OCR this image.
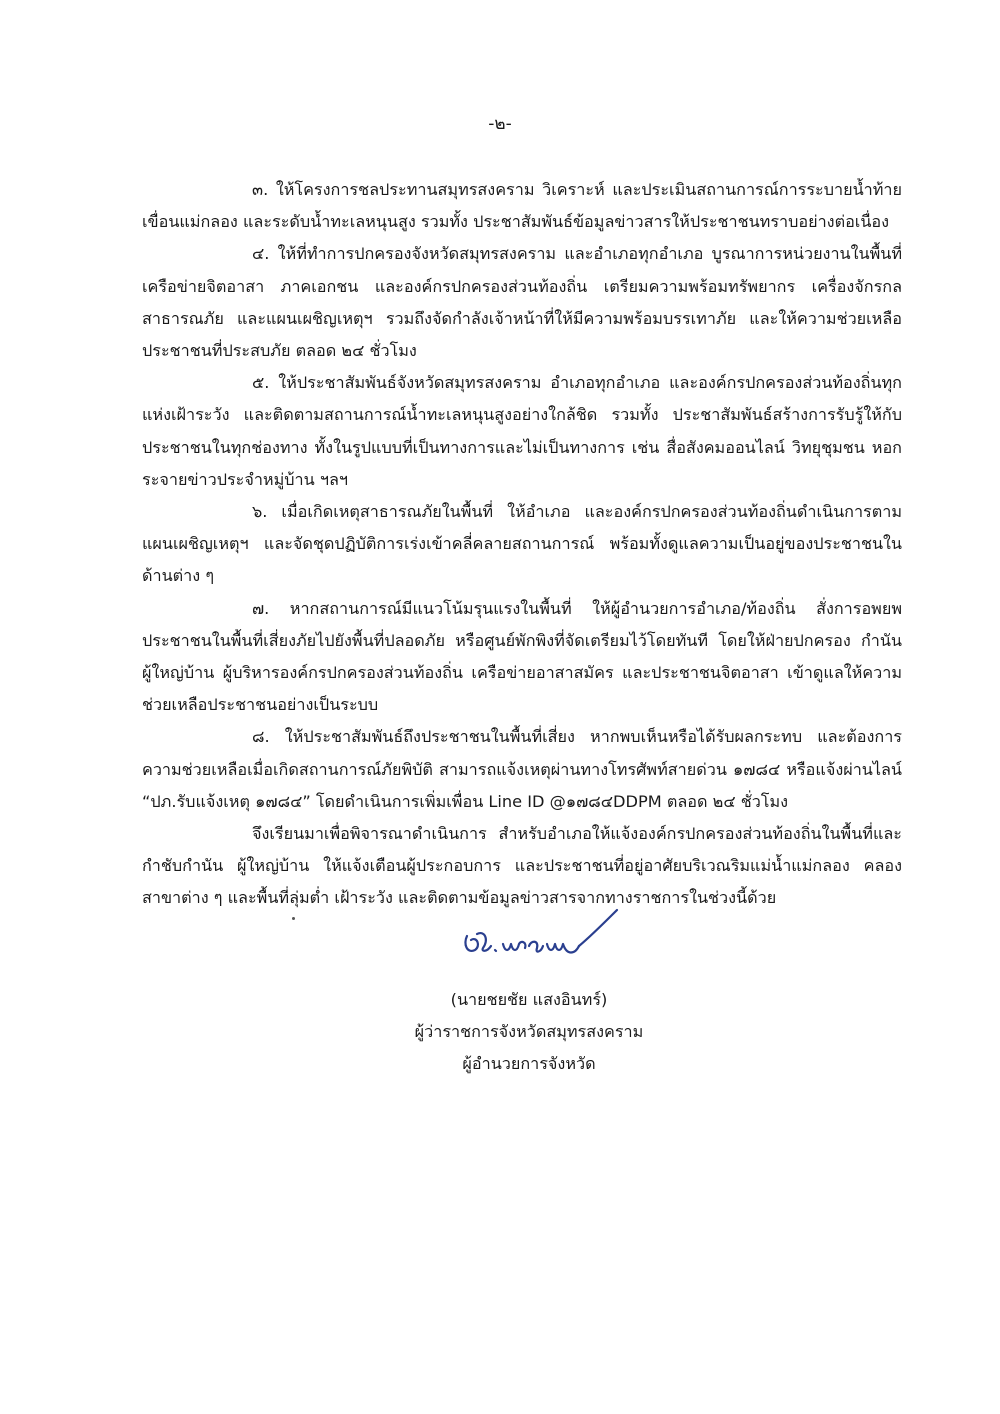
-๒-

๓. ให้โครงการชลประทานสมุทรสงคราม วิเคราะห์ และประเมินสถานการณ์การระบายน้ำท้ายเขื่อนแม่กลอง และระดับน้ำทะเลหนุนสูง รวมทั้ง ประชาสัมพันธ์ข้อมูลข่าวสารให้ประชาชนทราบอย่างต่อเนื่อง

๔. ให้ที่ทำการปกครองจังหวัดสมุทรสงคราม และอำเภอทุกอำเภอ บูรณาการหน่วยงานในพื้นที่ เครือข่ายจิตอาสา ภาคเอกชน และองค์กรปกครองส่วนท้องถิ่น เตรียมความพร้อมทรัพยากร เครื่องจักรกลสาธารณภัย และแผนเผชิญเหตุฯ รวมถึงจัดกำลังเจ้าหน้าที่ให้มีความพร้อมบรรเทาภัย และให้ความช่วยเหลือประชาชนที่ประสบภัย ตลอด ๒๔ ชั่วโมง

๕. ให้ประชาสัมพันธ์จังหวัดสมุทรสงคราม อำเภอทุกอำเภอ และองค์กรปกครองส่วนท้องถิ่นทุกแห่งเฝ้าระวัง และติดตามสถานการณ์น้ำทะเลหนุนสูงอย่างใกล้ชิด รวมทั้ง ประชาสัมพันธ์สร้างการรับรู้ให้กับประชาชนในทุกช่องทาง ทั้งในรูปแบบที่เป็นทางการและไม่เป็นทางการ เช่น สื่อสังคมออนไลน์ วิทยุชุมชน หอกระจายข่าวประจำหมู่บ้าน ฯลฯ

๖. เมื่อเกิดเหตุสาธารณภัยในพื้นที่ ให้อำเภอ และองค์กรปกครองส่วนท้องถิ่นดำเนินการตามแผนเผชิญเหตุฯ และจัดชุดปฏิบัติการเร่งเข้าคลี่คลายสถานการณ์ พร้อมทั้งดูแลความเป็นอยู่ของประชาชนในด้านต่าง ๆ

๗. หากสถานการณ์มีแนวโน้มรุนแรงในพื้นที่ ให้ผู้อำนวยการอำเภอ/ท้องถิ่น สั่งการอพยพประชาชนในพื้นที่เสี่ยงภัยไปยังพื้นที่ปลอดภัย หรือศูนย์พักพิงที่จัดเตรียมไว้โดยทันที โดยให้ฝ่ายปกครอง กำนัน ผู้ใหญ่บ้าน ผู้บริหารองค์กรปกครองส่วนท้องถิ่น เครือข่ายอาสาสมัคร และประชาชนจิตอาสา เข้าดูแลให้ความช่วยเหลือประชาชนอย่างเป็นระบบ

๘. ให้ประชาสัมพันธ์ถึงประชาชนในพื้นที่เสี่ยง หากพบเห็นหรือได้รับผลกระทบ และต้องการความช่วยเหลือเมื่อเกิดสถานการณ์ภัยพิบัติ สามารถแจ้งเหตุผ่านทางโทรศัพท์สายด่วน ๑๗๘๔ หรือแจ้งผ่านไลน์ “ปภ.รับแจ้งเหตุ ๑๗๘๔” โดยดำเนินการเพิ่มเพื่อน Line ID @๑๗๘๔DDPM ตลอด ๒๔ ชั่วโมง

จึงเรียนมาเพื่อพิจารณาดำเนินการ สำหรับอำเภอให้แจ้งองค์กรปกครองส่วนท้องถิ่นในพื้นที่และกำชับกำนัน ผู้ใหญ่บ้าน ให้แจ้งเตือนผู้ประกอบการ และประชาชนที่อยู่อาศัยบริเวณริมแม่น้ำแม่กลอง คลองสาขาต่าง ๆ และพื้นที่ลุ่มต่ำ เฝ้าระวัง และติดตามข้อมูลข่าวสารจากทางราชการในช่วงนี้ด้วย

(นายชยชัย แสงอินทร์)
ผู้ว่าราชการจังหวัดสมุทรสงคราม
ผู้อำนวยการจังหวัด
